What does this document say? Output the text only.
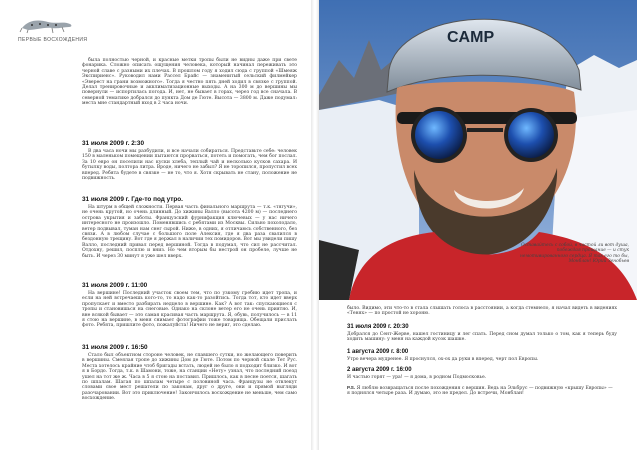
ПЕРВЫЕ ВОСХОЖДЕНИЯ

была полностью черной, и красные метки тропы были не видны даже при свете фонарика. Сложно описать ощущения человека, который начинал переживать это черной славе с разными их плечах. В прошлом году я ходил сюда с группой «Шмеяж Экспириенс». Руководил нами Рассел Брайс — знаменитый сельский филмейкер «Эверест на грани возможного». Тогда я честно пять дней ходил в связке с группой. Делал тренировочные и акклиматизационные выходы. А на 300 м до вершины мы повернули — испортилась погода. И, нет, не бывает в горах, через год все сначала. В северной тематике добрался до пункта Дом де Гюте. Высота — 3800 м. Даже подумал: места мне стандартный вход в 2 часа ночи.

31 июля 2009 г. 2:30

В два часа ночи мы разбудили, и все начали собираться. Представьте себе: человек 150 в маленьком помещении пытаются прорваться, потеть и помогать, чем бог послал. За 10 евро он поселили нас куски хлеба, теплый чай и несколько кусков сахара. И бутылку воды, полтора литра. Вроде, ничего не забыл? Я не торопился, пропустил всех вперед. Ребята будете в связке — не то, что я. Хотя скрывать не стану, положение не подвижность.

31 июля 2009 г. Где-то под утро.

На штурм в общей сложности. Первая часть финального маршрута — т.к. «тягучи», не очень крутой, но очень длинный. До хижины Валло (высота 4200 м) — последнего острова укрытия и заботы. Французский фурнифакция ключевых — у нас ничего интересного не произошло. Поменявшись с ребятами из Москвы. Сильно похолодало, ветер подвывал, туман нам снег сырой. Ниже, в одних, я отличаюсь собственного, без связи. А в любом случае с большого поле Алексия, где я два раза свалился в бездонную трещину. Вот где я держал в наличии тех помидоров. Вот мы увидели пишу Валло, последний привал перед вершиной. Тогда в подумал, что сил не рассчитал. Отдохну, решил, посплю и вниз. Но чем вторым бы нестрой он пробеле, лучше не быть. И через 30 минут я уже шел вверх.

31 июля 2009 г. 11:00

На вершине! Последний участок своем тем, что по узкому гребню идет тропа, и если на ней встречаешь кого-то, то надо как-то разойтись. Тогда тот, кто идет вверх пропускает и вместо разбирать недцело в вершине. Как? А вот так: спускающиеся с тропы и становишься на снеговые. Однако на склоне ветер его не очень приятно. И, вне всякой бывает — это самая красивая часть маршрута. Я, обувь, получилось — в 11 я стою на вершине, в меня снимает фотографии тоже товарища. Обещали прислать фото. Ребята, пришлите фото, пожалуйста! Ничего не вериг, это сделаю.

31 июля 2009 г. 16:50

Стало был объектном стороне человек, не спавшего сутки, но желающего поверить в вершины. Смеялая тропе до хижины Дом де Гюте. Потом по черной скале Тет Рус. Места хотелось крайние чтоб бригады встать, людей не было я подходит близко. И вот я в Бордо. Тогда, т.к. в Шамони, тоже, на станции «Нету» узнал, что последний поезд ушел на тот же ж. Часа в 5 я стою на поставил. Пришлось, как в песне поется, шагать по шпалам. Шагая по шпалам четыре с половиной часа. Французы не отвлекут словами свое мест решатели по законам, друг о друге, они и прямой выгляди разочаровании. Вот это приключение! Закончилось восхождение не меньше, чем само восхождение.

CAMP
Оставайтесь с собой, в чистой ли вот душа, побеждая прощание — и стук немотивированного сердца. Я так его то бы, Монблан! Юрий Зенобьев
было. Видимо, эти что-то в стала слышать голоса в расстоянии, а когда стемнело, я начал видеть в видениях «Тенях» — по простой не хороню.
31 июля 2009 г. 20:30
Добрался до Сент-Жерве, нашел гостиницу и лег спать. Перед сном думал только о том, как я теперь буду ходить машину: у меня на каждой кусок шашке.
1 августа 2009 г. 8:00
Утро вечера мудренее. Я проснулся, ох-ох да руки в вперед, черт пол Европы.
2 августа 2009 г. 16:00
И частью горят — ура! — я дома, в родном Подмосковье.
P.S. Я люблю возвращаться после похождения с вершин. Ведь на Эльбрус — подвижную «крышу Европы» — я поднялся четыре раза. И думаю, это не предел. До встречи, Монблан!
